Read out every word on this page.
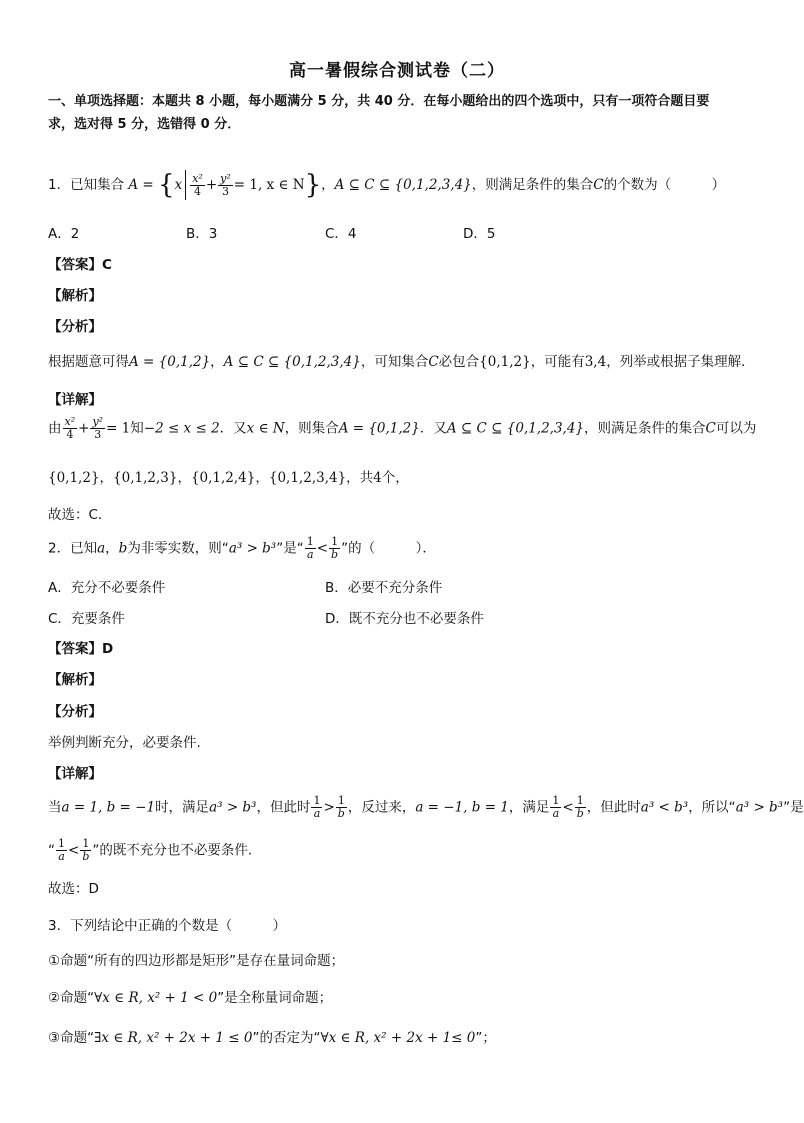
高一暑假综合测试卷（二）
一、单项选择题：本题共 8 小题，每小题满分 5 分，共 40 分．在每小题给出的四个选项中，只有一项符合题目要
求，选对得 5 分，选错得 0 分．
1．已知集合 $A = \{x \frac{\text{x²}}{4} + \frac{\text{y²}}{3} = 1$, x ∈ N}，A ⊆ C ⊆ {0,1,2,3,4}，则满足条件的集合C的个数为（　　　）
A．2	B．3	C．4	D．5
【答案】C
【解析】
【分析】
根据题意可得A = {0,1,2}，A ⊆ C ⊆ {0,1,2,3,4}，可知集合C必包合{0,1,2}，可能有3,4，列举或根据子集理解．
【详解】
由 $\frac{\text{x²}}{4} + \frac{\text{y²}}{3} = 1$知−2 ≤ x ≤ 2．又x ∈ N，则集合A = {0,1,2}．又A ⊆ C ⊆ {0,1,2,3,4}，则满足条件的集合C可以为
{0,1,2}，{0,1,2,3}，{0,1,2,4}，{0,1,2,3,4}，共4个，
故选：C．
2．已知a，b为非零实数，则“a³ > b³”是“ $\frac{1}{a} < \frac{1}{b}$ ”的（　　　）．
A．充分不必要条件	B．必要不充分条件
C．充要条件	D．既不充分也不必要条件
【答案】D
【解析】
【分析】
举例判断充分，必要条件.
【详解】
当a = 1, b = −1时，满足a³ > b³，但此时 $\frac{1}{a} > \frac{1}{b}$ ，反过来，a = −1, b = 1，满足 $\frac{1}{a} < \frac{1}{b}$ ，但此时a³ < b³，所以“a³ > b³”是
“ $\frac{1}{a} < \frac{1}{b}$ ”的既不充分也不必要条件.
故选：D
3．下列结论中正确的个数是（　　　）
①命题“所有的四边形都是矩形”是存在量词命题；
②命题“∀x ∈ R, x² + 1 < 0”是全称量词命题；
③命题“∃x ∈ R, x² + 2x + 1 ≤ 0”的否定为“∀x ∈ R, x² + 2x + 1≤ 0”；
